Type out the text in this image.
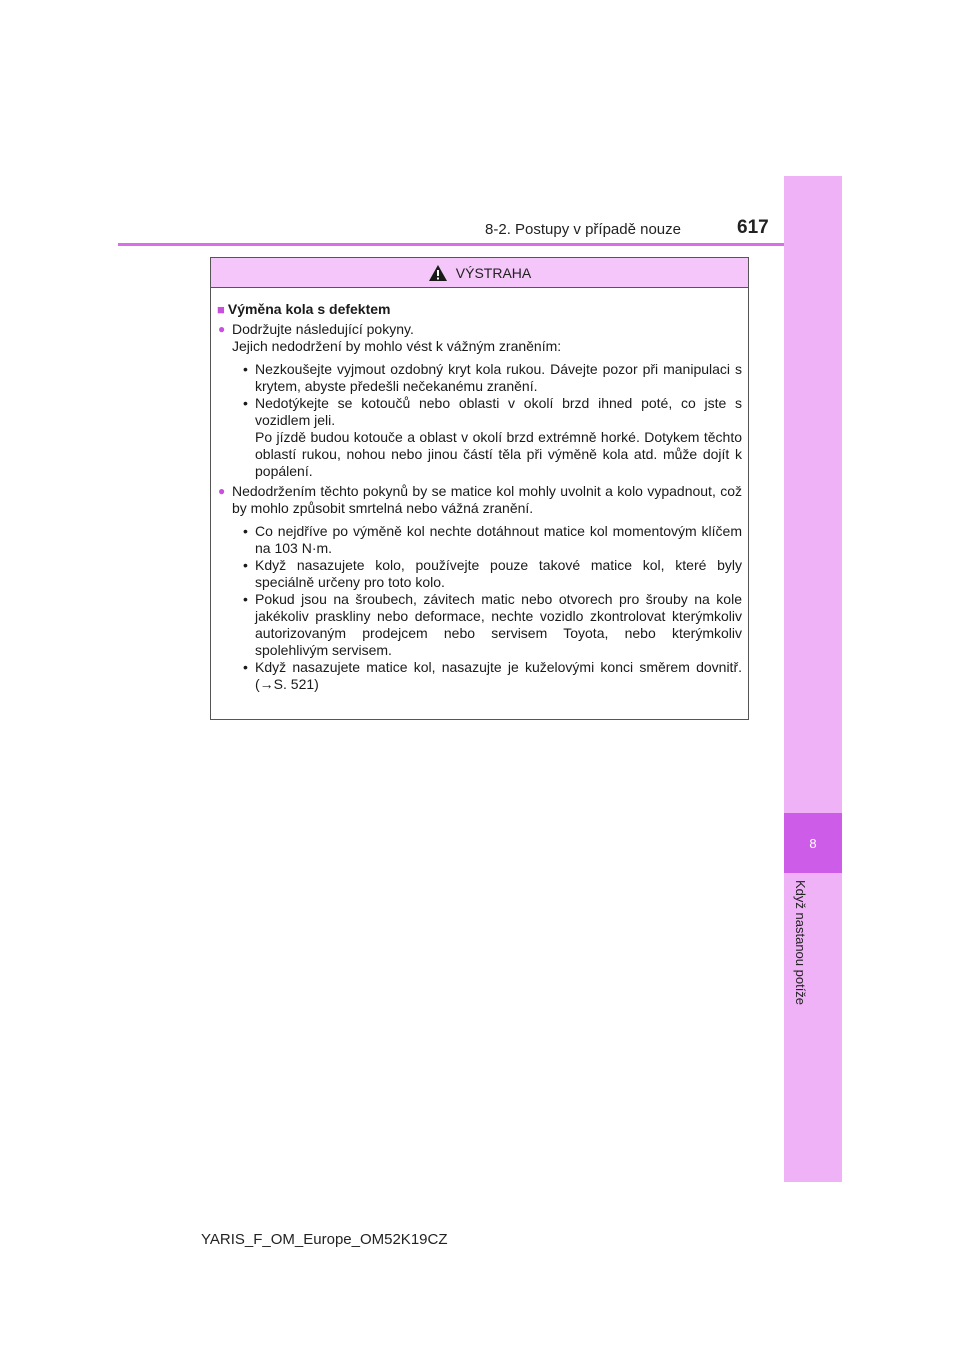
8-2. Postupy v případě nouze	617
8
Když nastanou potíže
VÝSTRAHA
■ Výměna kola s defektem
● Dodržujte následující pokyny.
Jejich nedodržení by mohlo vést k vážným zraněním:
• Nezkoušejte vyjmout ozdobný kryt kola rukou. Dávejte pozor při manipulaci s krytem, abyste předešli nečekanému zranění.
• Nedotýkejte se kotoučů nebo oblasti v okolí brzd ihned poté, co jste s vozidlem jeli.
Po jízdě budou kotouče a oblast v okolí brzd extrémně horké. Dotykem těchto oblastí rukou, nohou nebo jinou částí těla při výměně kola atd. může dojít k popálení.
● Nedodržením těchto pokynů by se matice kol mohly uvolnit a kolo vypadnout, což by mohlo způsobit smrtelná nebo vážná zranění.
• Co nejdříve po výměně kol nechte dotáhnout matice kol momentovým klíčem na 103 N·m.
• Když nasazujete kolo, používejte pouze takové matice kol, které byly speciálně určeny pro toto kolo.
• Pokud jsou na šroubech, závitech matic nebo otvorech pro šrouby na kole jakékoliv praskliny nebo deformace, nechte vozidlo zkontrolovat kterýmkoliv autorizovaným prodejcem nebo servisem Toyota, nebo kterýmkoliv spolehlivým servisem.
• Když nasazujete matice kol, nasazujte je kuželovými konci směrem dovnitř. (→S. 521)
YARIS_F_OM_Europe_OM52K19CZ
